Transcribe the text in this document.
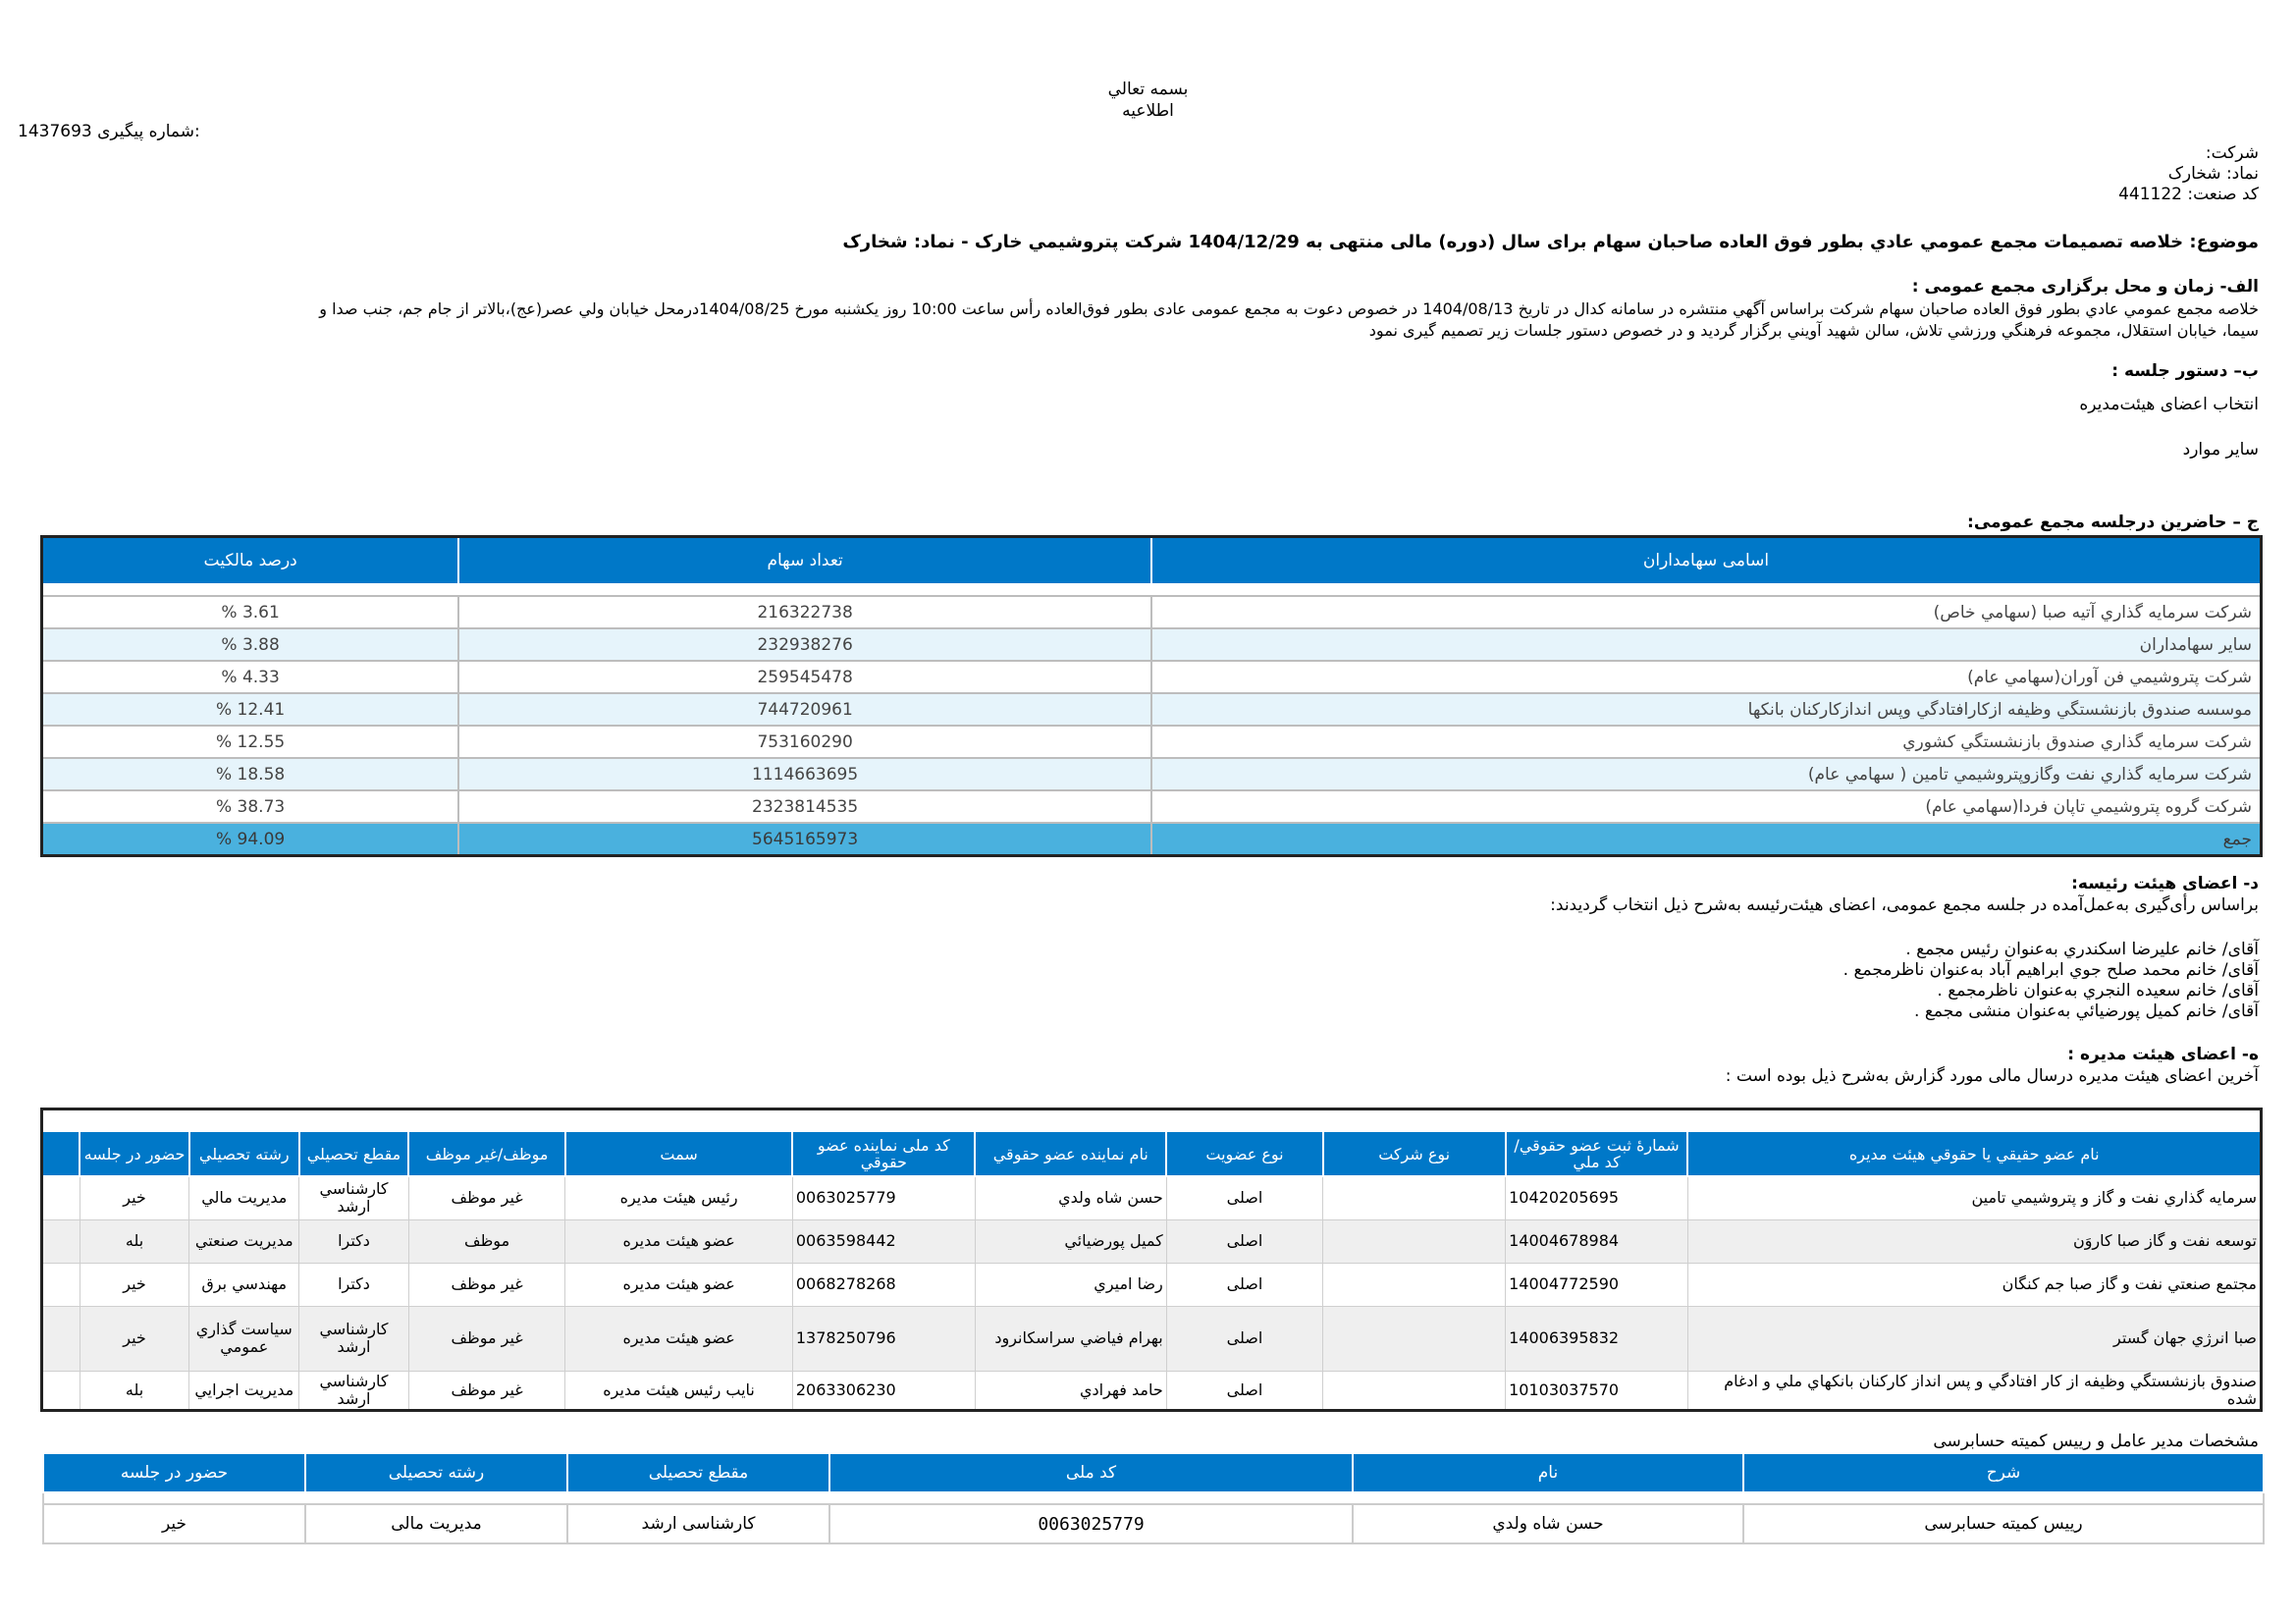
بسمه تعالي
اطلاعيه
1437693 شماره پیگیری:
شرکت:
نماد: شخارک
کد صنعت: 441122
موضوع: خلاصه تصميمات مجمع عمومي عادي بطور فوق العاده صاحبان سهام براى سال (دوره) مالی منتهی به 1404/12/29 شرکت پتروشيمي خارک - نماد: شخارک
الف- زمان و محل برگزاری مجمع عمومی :
خلاصه مجمع عمومي عادي بطور فوق العاده صاحبان سهام شرکت براساس آگهي منتشره در سامانه کدال در تاريخ 1404/08/13 در خصوص دعوت به مجمع عمومی عادی بطور فوق‌العاده رأس ساعت 10:00 روز يکشنبه مورخ 1404/08/25درمحل خيابان ولي عصر(عج)،بالاتر از جام جم، جنب صدا و
سيما، خيابان استقلال، مجموعه فرهنگي ورزشي تلاش، سالن شهيد آويني برگزار گرديد و در خصوص دستور جلسات زير تصميم گيری نمود
ب– دستور جلسه :
انتخاب اعضای هيئت‌مديره
ساير موارد
ج – حاضرين درجلسه مجمع عمومی:
اسامی سهامداران	تعداد سهام	درصد مالکيت

شرکت سرمايه گذاري آتيه صبا (سهامي خاص)	216322738	3.61 %
ساير سهامداران	232938276	3.88 %
شرکت پتروشيمي فن آوران(سهامي عام)	259545478	4.33 %
موسسه صندوق بازنشستگي وظيفه ازکارافتادگي وپس اندازکارکنان بانکها	744720961	12.41 %
شرکت سرمايه گذاري صندوق بازنشستگي کشوري	753160290	12.55 %
شرکت سرمايه گذاري نفت وگازوپتروشيمي تامين ( سهامي عام)	1114663695	18.58 %
شرکت گروه پتروشيمي تاپان فردا(سهامي عام)	2323814535	38.73 %
جمع	5645165973	94.09 %
د- اعضای هيئت رئيسه:
براساس رأی‌گيری به‌عمل‌آمده در جلسه مجمع عمومی، اعضای هيئت‌رئيسه به‌شرح ذيل انتخاب گرديدند:
آقای/ خانم عليرضا اسکندري به‌عنوان رئيس مجمع .
آقای/ خانم محمد صلح جوي ابراهيم آباد به‌عنوان ناظرمجمع .
آقای/ خانم سعيده النجري به‌عنوان ناظرمجمع .
آقای/ خانم کميل پورضيائي به‌عنوان منشی مجمع .
ه- اعضای هيئت مديره :
آخرين اعضای هيئت مديره درسال مالی مورد گزارش به‌شرح ذيل بوده است :

نام عضو حقيقي يا حقوقي هيئت مديره	شمارۀ ثبت عضو حقوقي/کد ملي	نوع شرکت	نوع عضويت	نام نماينده عضو حقوقي	کد ملی نماينده عضو حقوقي	سمت	موظف/غير موظف	مقطع تحصيلي	رشته تحصيلي	حضور در جلسه	
سرمايه گذاري نفت و گاز و پتروشيمي تامين	10420205695		اصلی	حسن شاه ولدي	0063025779	رئيس هيئت مديره	غير موظف	کارشناسي ارشد	مديريت مالي	خير	
توسعه نفت و گاز صبا کاروَن	14004678984		اصلی	کميل پورضيائي	0063598442	عضو هيئت مديره	موظف	دکترا	مديريت صنعتي	بله	
مجتمع صنعتي نفت و گاز صبا جم کنگان	14004772590		اصلی	رضا اميري	0068278268	عضو هيئت مديره	غير موظف	دکترا	مهندسي برق	خير	
صبا انرژي جهان گستر	14006395832		اصلی	بهرام فياضي سراسکانرود	1378250796	عضو هيئت مديره	غير موظف	کارشناسي ارشد	سياست گذاري عمومي	خير	
صندوق بازنشستگي وظيفه از کار افتادگي و پس انداز کارکنان بانکهاي ملي و ادغام شده	10103037570		اصلی	حامد فهرادي	2063306230	نايب رئيس هيئت مديره	غير موظف	کارشناسي ارشد	مديريت اجرايي	بله	
مشخصات مدير عامل و رييس کميته حسابرسی
شرح	نام	کد ملی	مقطع تحصيلی	رشته تحصيلی	حضور در جلسه

رييس کميته حسابرسی	حسن شاه ولدي	0063025779	کارشناسی ارشد	مديريت مالی	خير
